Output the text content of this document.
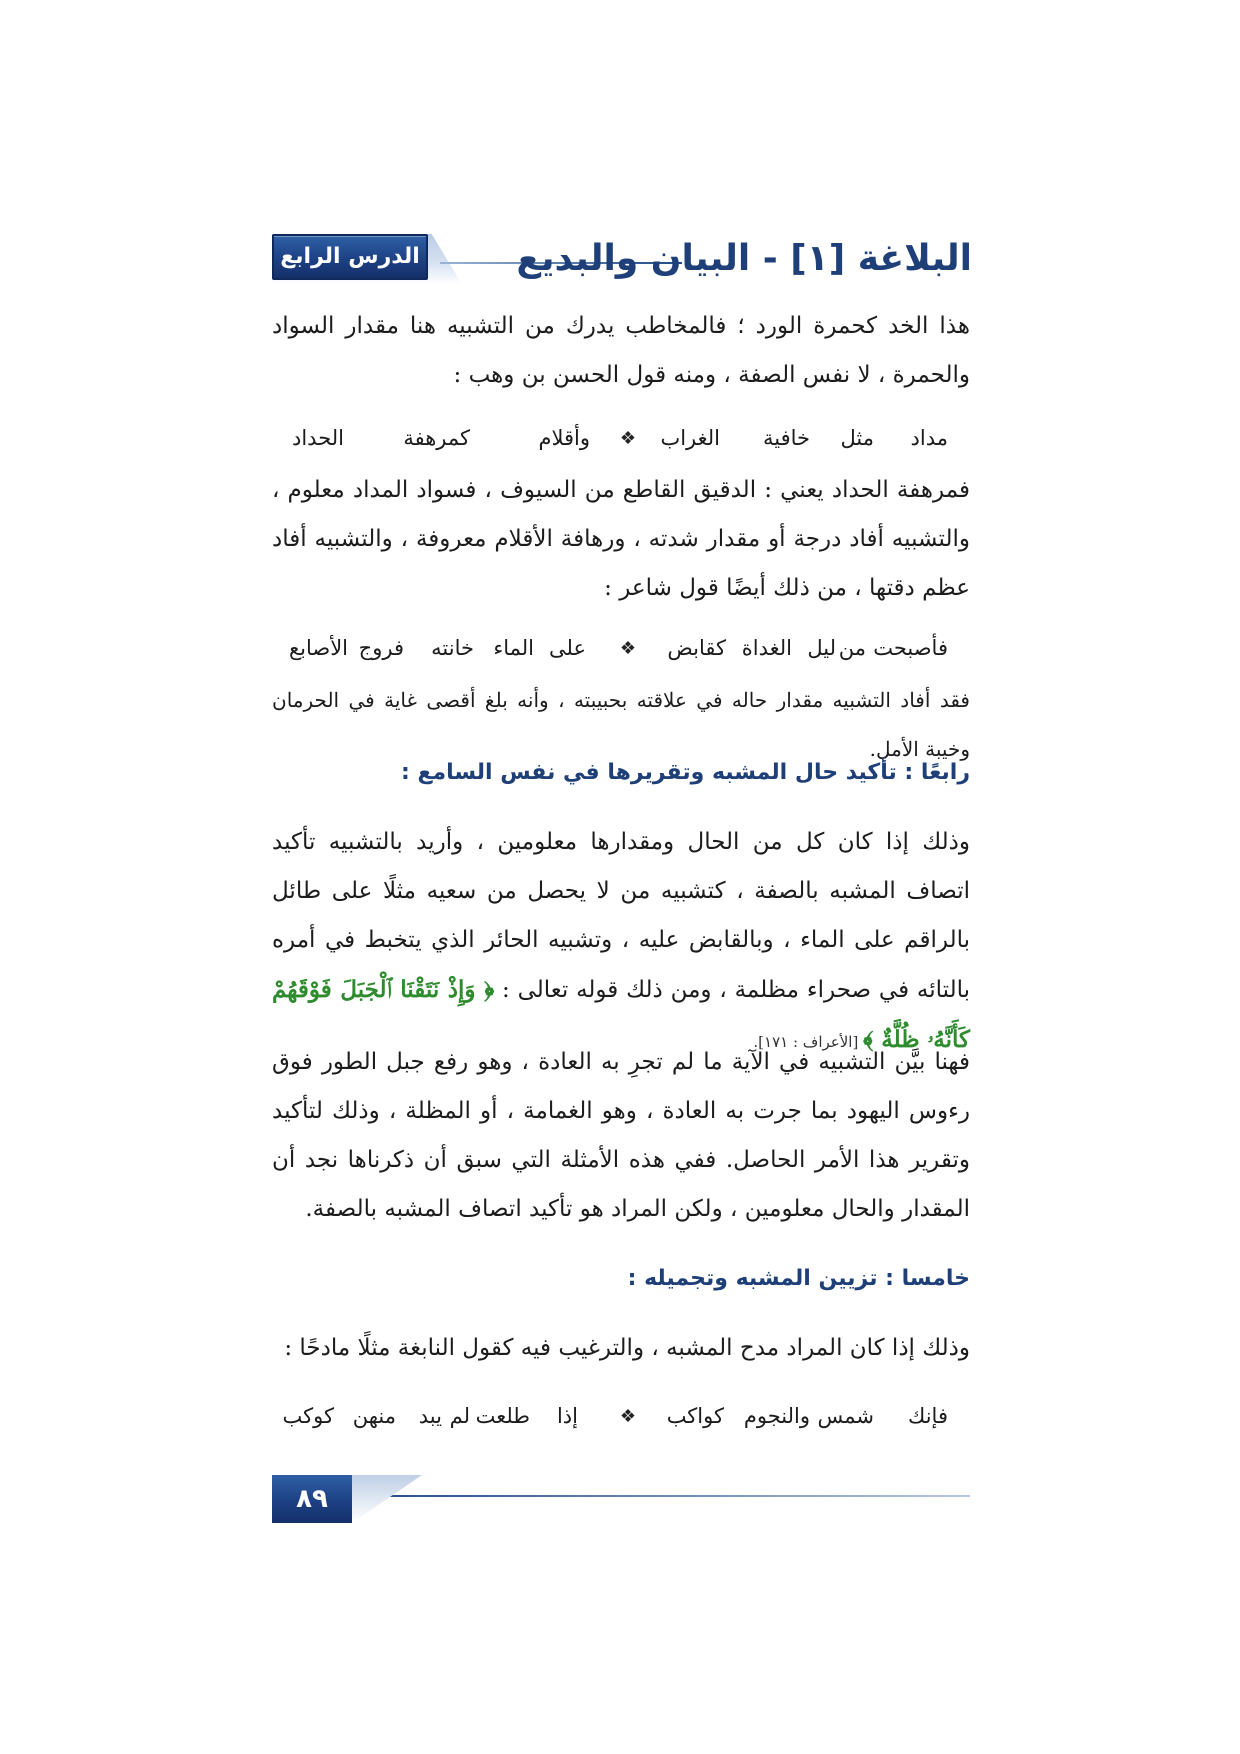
الدرس الرابع	البلاغة [١] - البيان والبديع

هذا الخد كحمرة الورد ؛ فالمخاطب يدرك من التشبيه هنا مقدار السواد والحمرة ، لا نفس الصفة ، ومنه قول الحسن بن وهب :

مداد
مثل
خافية
الغراب
❖
وأقلام
كمرهفة
الحداد

فمرهفة الحداد يعني : الدقيق القاطع من السيوف ، فسواد المداد معلوم ، والتشبيه أفاد درجة أو مقدار شدته ، ورهافة الأقلام معروفة ، والتشبيه أفاد عظم دقتها ، من ذلك أيضًا قول شاعر :

فأصبحت
من
ليل
الغداة
كقابض
❖
على
الماء
خانته
فروج
الأصابع

فقد أفاد التشبيه مقدار حاله في علاقته بحبيبته ، وأنه بلغ أقصى غاية في الحرمان وخيبة الأمل.

رابعًا : تأكيد حال المشبه وتقريرها في نفس السامع :

وذلك إذا كان كل من الحال ومقدارها معلومين ، وأريد بالتشبيه تأكيد اتصاف المشبه بالصفة ، كتشبيه من لا يحصل من سعيه مثلًا على طائل بالراقم على الماء ، وبالقابض عليه ، وتشبيه الحائر الذي يتخبط في أمره بالتائه في صحراء مظلمة ، ومن ذلك قوله تعالى : ﴿ وَإِذْ نَتَقْنَا ٱلْجَبَلَ فَوْقَهُمْ كَأَنَّهُۥ ظُلَّةٌ ﴾ [الأعراف : ١٧١].

فهنا بيَّن التشبيه في الآية ما لم تجرِ به العادة ، وهو رفع جبل الطور فوق رءوس اليهود بما جرت به العادة ، وهو الغمامة ، أو المظلة ، وذلك لتأكيد وتقرير هذا الأمر الحاصل. ففي هذه الأمثلة التي سبق أن ذكرناها نجد أن المقدار والحال معلومين ، ولكن المراد هو تأكيد اتصاف المشبه بالصفة.

خامسا : تزيين المشبه وتجميله :

وذلك إذا كان المراد مدح المشبه ، والترغيب فيه كقول النابغة مثلًا مادحًا :

فإنك
شمس
والنجوم
كواكب
❖
إذا
طلعت
لم
يبد
منهن
كوكب
٨٩
